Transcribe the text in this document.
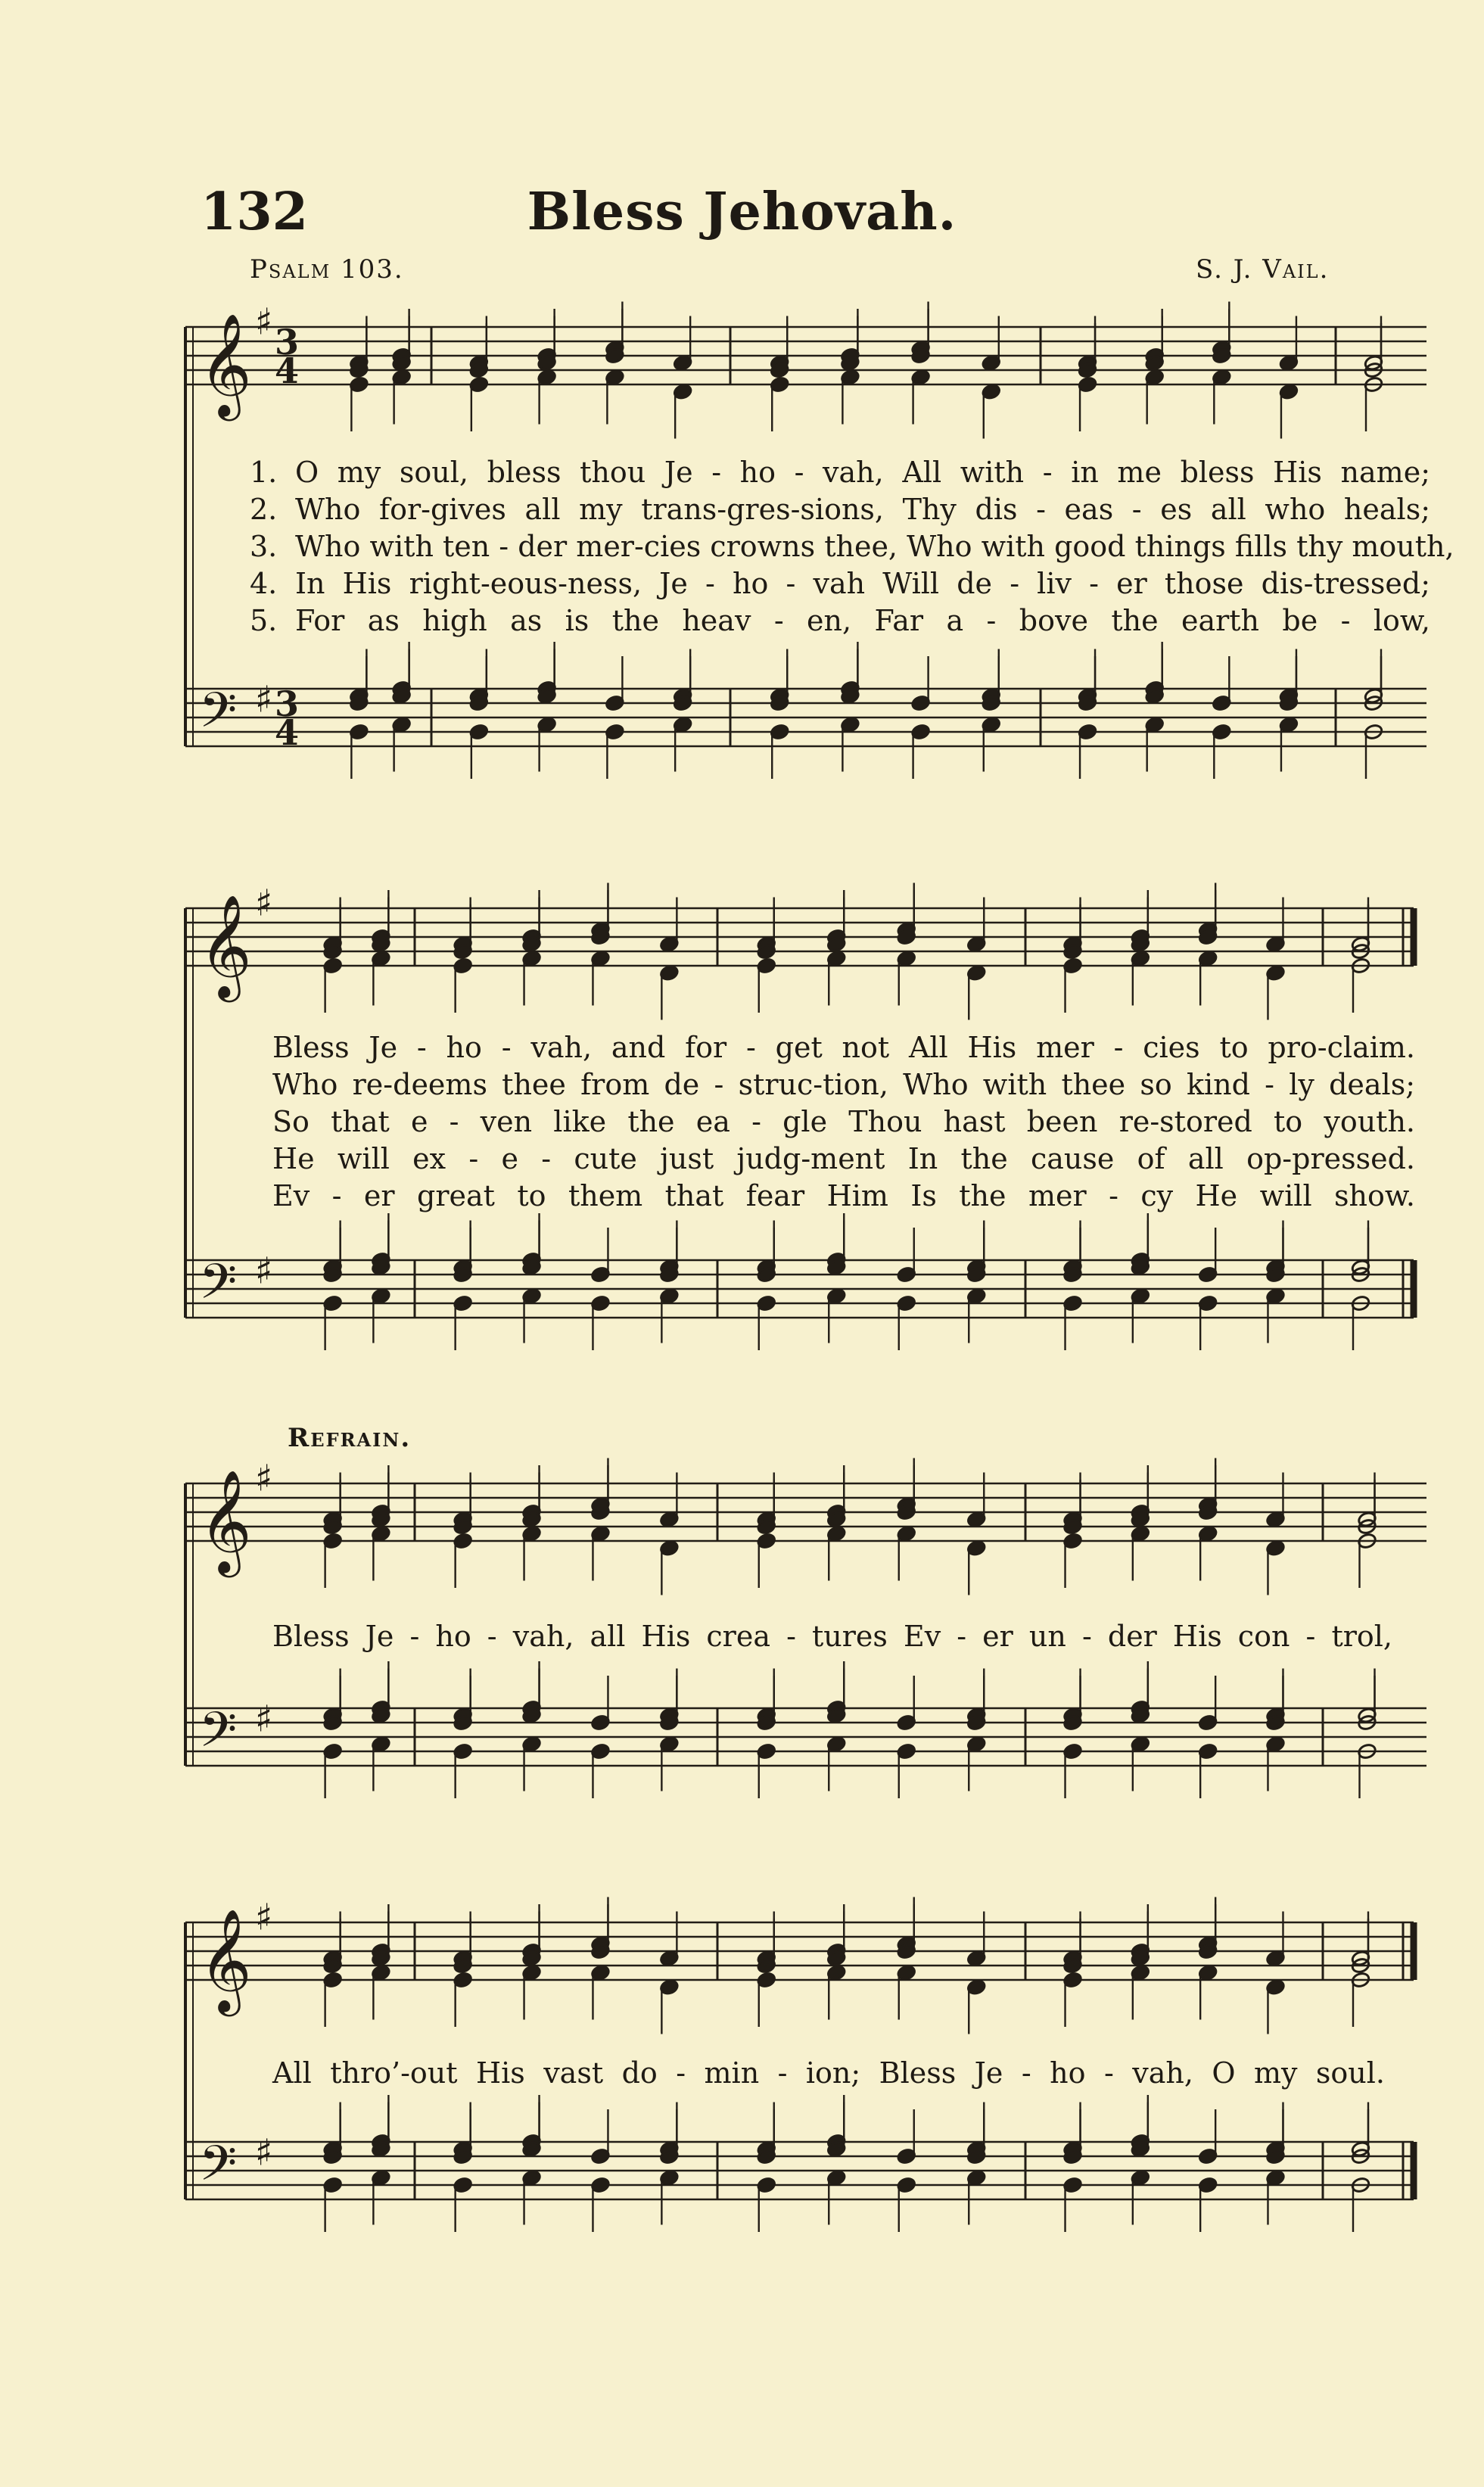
𝄞 ♯ 3
4
𝄢 ♯ 3
4
𝄞 ♯
𝄢 ♯
𝄞 ♯
𝄢 ♯
𝄞 ♯
𝄢 ♯
132	Bless Jehovah.
Psalm 103.	S. J. Vail.
1. O my soul, bless thou Je - ho - vah, All with - in me bless His name;
2. Who for-gives all my trans-gres-sions, Thy dis - eas - es all who heals;
3. Who with ten - der mer-cies crowns thee, Who with good things fills thy mouth,
4. In His right-eous-ness, Je - ho - vah Will de - liv - er those dis-tressed;
5. For as high as is the heav - en, Far a - bove the earth be - low,
Bless Je - ho - vah, and for - get not All His mer - cies to pro-claim.
Who re-deems thee from de - struc-tion, Who with thee so kind - ly deals;
So that e - ven like the ea - gle Thou hast been re-stored to youth.
He will ex - e - cute just judg-ment In the cause of all op-pressed.
Ev - er great to them that fear Him Is the mer - cy He will show.
Refrain.
Bless Je - ho - vah, all His crea - tures Ev - er un - der His con - trol,
All thro’-out His vast do - min - ion; Bless Je - ho - vah, O my soul.
